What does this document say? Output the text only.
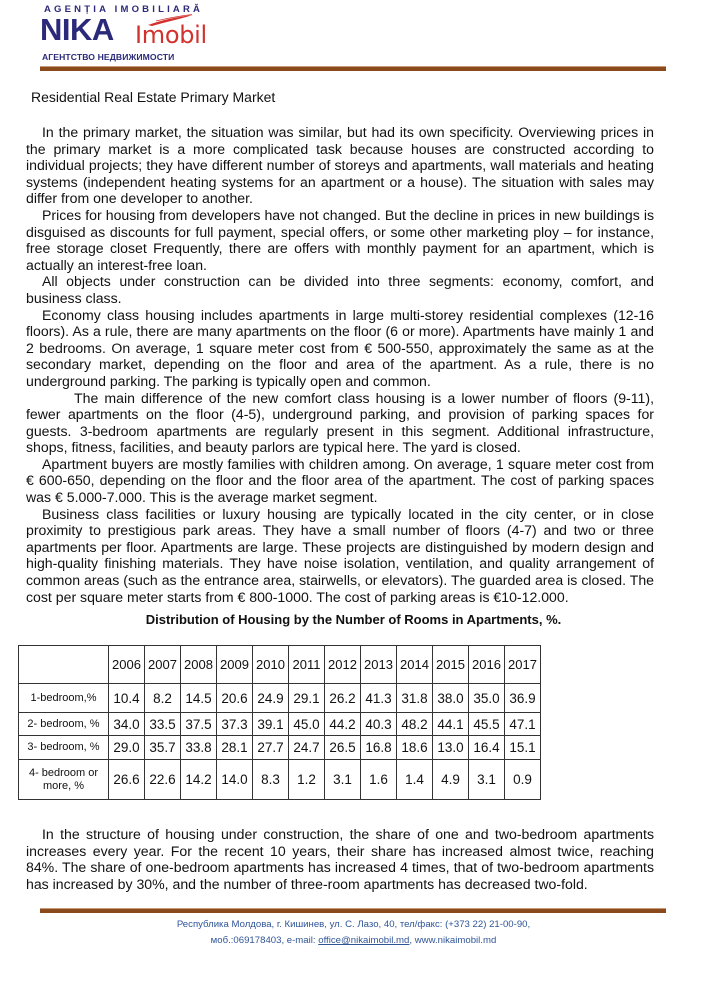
AGENȚIA IMOBILIARĂ
NIKA Imobil
АГЕНТСТВО НЕДВИЖИМОСТИ
Residential Real Estate Primary Market

In the primary market, the situation was similar, but had its own specificity. Overviewing prices in the primary market is a more complicated task because houses are constructed according to individual projects; they have different number of storeys and apartments, wall materials and heating systems (independent heating systems for an apartment or a house). The situation with sales may differ from one developer to another.

Prices for housing from developers have not changed. But the decline in prices in new buildings is disguised as discounts for full payment, special offers, or some other marketing ploy – for instance, free storage closet Frequently, there are offers with monthly payment for an apartment, which is actually an interest-free loan.

All objects under construction can be divided into three segments: economy, comfort, and business class.

Economy class housing includes apartments in large multi-storey residential complexes (12-16 floors). As a rule, there are many apartments on the floor (6 or more). Apartments have mainly 1 and 2 bedrooms. On average, 1 square meter cost from € 500-550, approximately the same as at the secondary market, depending on the floor and area of the apartment. As a rule, there is no underground parking. The parking is typically open and common.

The main difference of the new comfort class housing is a lower number of floors (9-11), fewer apartments on the floor (4-5), underground parking, and provision of parking spaces for guests. 3-bedroom apartments are regularly present in this segment. Additional infrastructure, shops, fitness, facilities, and beauty parlors are typical here. The yard is closed.

Apartment buyers are mostly families with children among. On average, 1 square meter cost from € 600-650, depending on the floor and the floor area of the apartment. The cost of parking spaces was € 5.000-7.000. This is the average market segment.

Business class facilities or luxury housing are typically located in the city center, or in close proximity to prestigious park areas. They have a small number of floors (4-7) and two or three apartments per floor. Apartments are large. These projects are distinguished by modern design and high-quality finishing materials. They have noise isolation, ventilation, and quality arrangement of common areas (such as the entrance area, stairwells, or elevators). The guarded area is closed. The cost per square meter starts from € 800-1000. The cost of parking areas is €10-12.000.

Distribution of Housing by the Number of Rooms in Apartments, %.
	2006	2007	2008	2009	2010	2011	2012	2013	2014	2015	2016	2017
1-bedroom,%	10.4	8.2	14.5	20.6	24.9	29.1	26.2	41.3	31.8	38.0	35.0	36.9
2- bedroom, %	34.0	33.5	37.5	37.3	39.1	45.0	44.2	40.3	48.2	44.1	45.5	47.1
3- bedroom, %	29.0	35.7	33.8	28.1	27.7	24.7	26.5	16.8	18.6	13.0	16.4	15.1
4- bedroom or
more, %	26.6	22.6	14.2	14.0	8.3	1.2	3.1	1.6	1.4	4.9	3.1	0.9

In the structure of housing under construction, the share of one and two-bedroom apartments increases every year. For the recent 10 years, their share has increased almost twice, reaching 84%. The share of one-bedroom apartments has increased 4 times, that of two-bedroom apartments has increased by 30%, and the number of three-room apartments has decreased two-fold.

Республика Молдова, г. Кишинев, ул. С. Лазо, 40, тел/факс: (+373 22) 21-00-90,
моб.:069178403, e-mail: office@nikaimobil.md, www.nikaimobil.md
